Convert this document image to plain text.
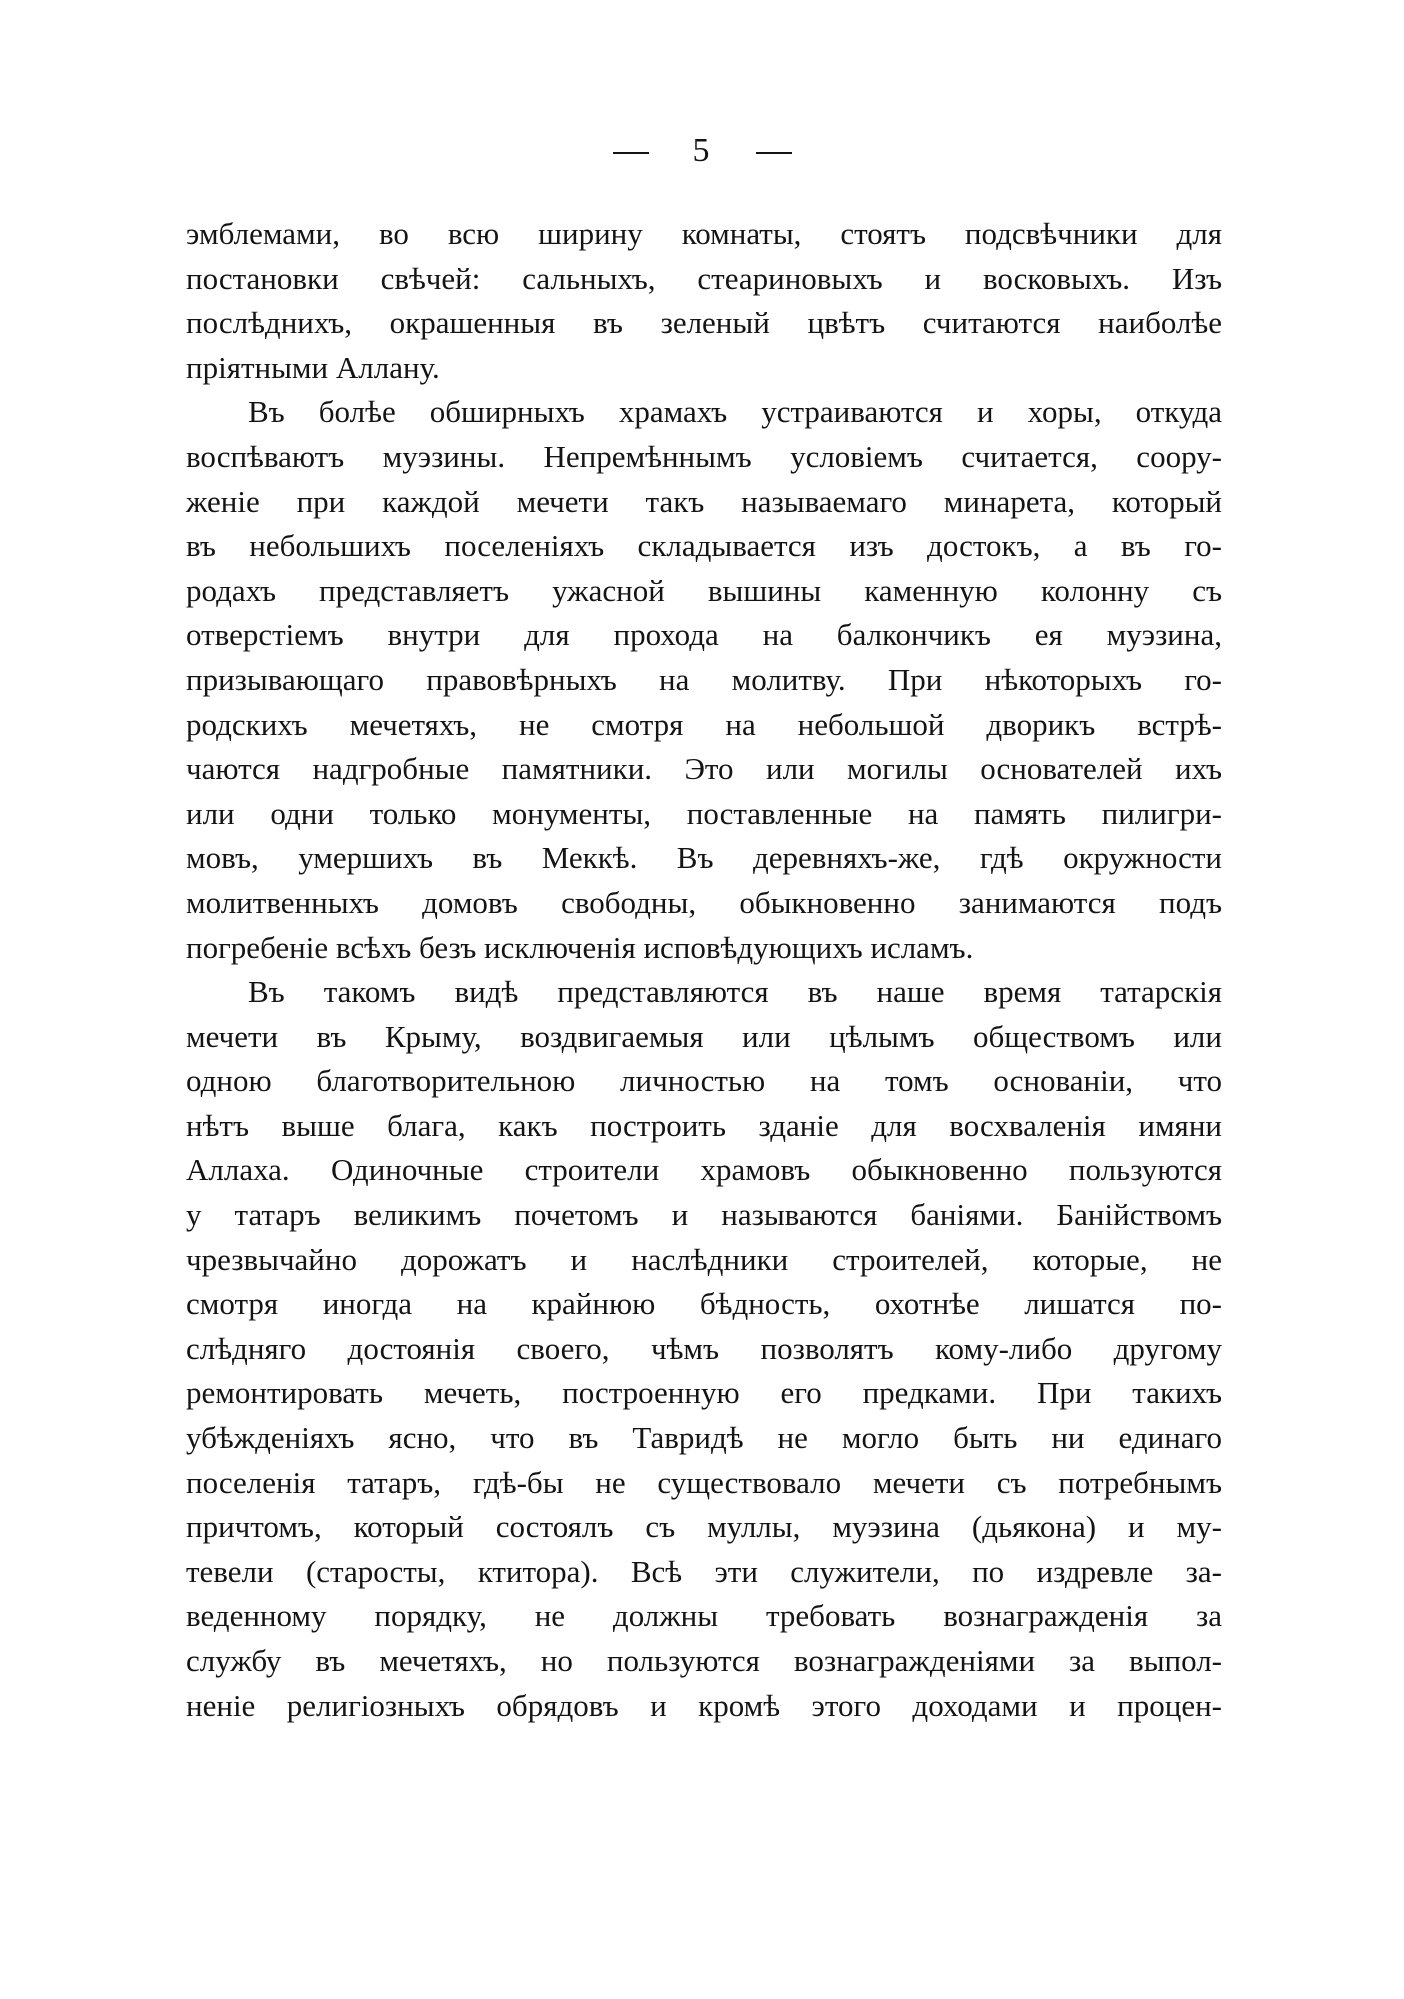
5
эмблемами, во всю ширину комнаты, стоятъ подсвѣчники для
постановки свѣчей: сальныхъ, стеариновыхъ и восковыхъ. Изъ
послѣднихъ, окрашенныя въ зеленый цвѣтъ считаются наиболѣе
пріятными Аллану.
Въ болѣе обширныхъ храмахъ устраиваются и хоры, откуда
воспѣваютъ муэзины. Непремѣннымъ условіемъ считается, соору-
женіе при каждой мечети такъ называемаго минарета, который
въ небольшихъ поселеніяхъ складывается изъ достокъ, а въ го-
родахъ представляетъ ужасной вышины каменную колонну съ
отверстіемъ внутри для прохода на балкончикъ ея муэзина,
призывающаго правовѣрныхъ на молитву. При нѣкоторыхъ го-
родскихъ мечетяхъ, не смотря на небольшой дворикъ встрѣ-
чаются надгробные памятники. Это или могилы основателей ихъ
или одни только монументы, поставленные на память пилигри-
мовъ, умершихъ въ Меккѣ. Въ деревняхъ-же, гдѣ окружности
молитвенныхъ домовъ свободны, обыкновенно занимаются подъ
погребеніе всѣхъ безъ исключенія исповѣдующихъ исламъ.
Въ такомъ видѣ представляются въ наше время татарскія
мечети въ Крыму, воздвигаемыя или цѣлымъ обществомъ или
одною благотворительною личностью на томъ основаніи, что
нѣтъ выше блага, какъ построить зданіе для восхваленія имяни
Аллаха. Одиночные строители храмовъ обыкновенно пользуются
у татаръ великимъ почетомъ и называются баніями. Банійствомъ
чрезвычайно дорожатъ и наслѣдники строителей, которые, не
смотря иногда на крайнюю бѣдность, охотнѣе лишатся по-
слѣдняго достоянія своего, чѣмъ позволятъ кому-либо другому
ремонтировать мечеть, построенную его предками. При такихъ
убѣжденіяхъ ясно, что въ Тавридѣ не могло быть ни единаго
поселенія татаръ, гдѣ-бы не существовало мечети съ потребнымъ
причтомъ, который состоялъ съ муллы, муэзина (дьякона) и му-
тевели (старосты, ктитора). Всѣ эти служители, по издревле за-
веденному порядку, не должны требовать вознагражденія за
службу въ мечетяхъ, но пользуются вознагражденіями за выпол-
неніе религіозныхъ обрядовъ и кромѣ этого доходами и процен-
